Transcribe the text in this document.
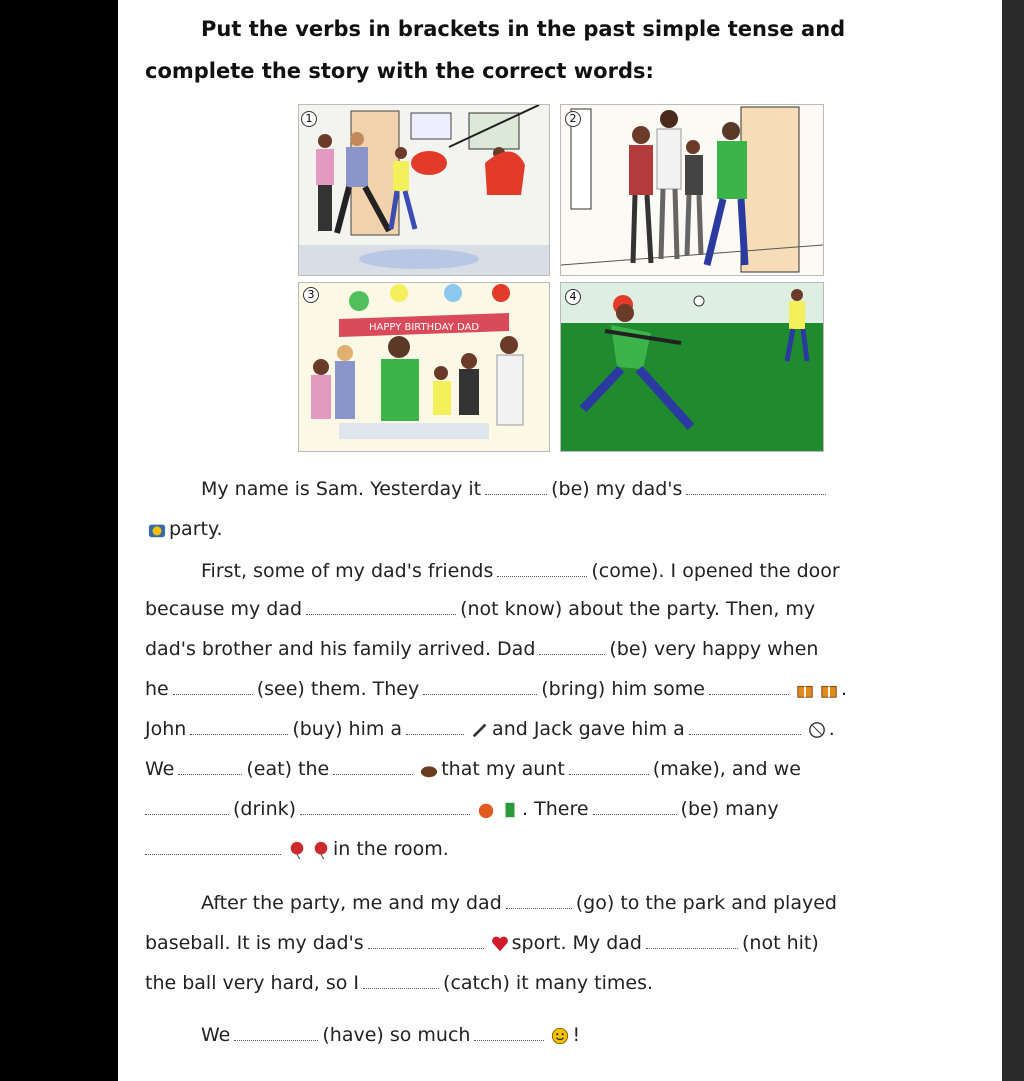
Put the verbs in brackets in the past simple tense and
complete the story with the correct words:
1	2
HAPPY BIRTHDAY DAD
3	4
My name is Sam. Yesterday it	(be) my dad's
party.
First, some of my dad's friends	(come). I opened the door
because my dad	(not know) about the party. Then, my
dad's brother and his family arrived. Dad	(be) very happy when
he	(see) them. They	(bring) him some	.
John	(buy) him a	and Jack gave him a	.
We	(eat) the	that my aunt	(make), and we
(drink)	. There	(be) many
in the room.
After the party, me and my dad	(go) to the park and played
baseball. It is my dad's	sport. My dad	(not hit)
the ball very hard, so I	(catch) it many times.
We	(have) so much	!
